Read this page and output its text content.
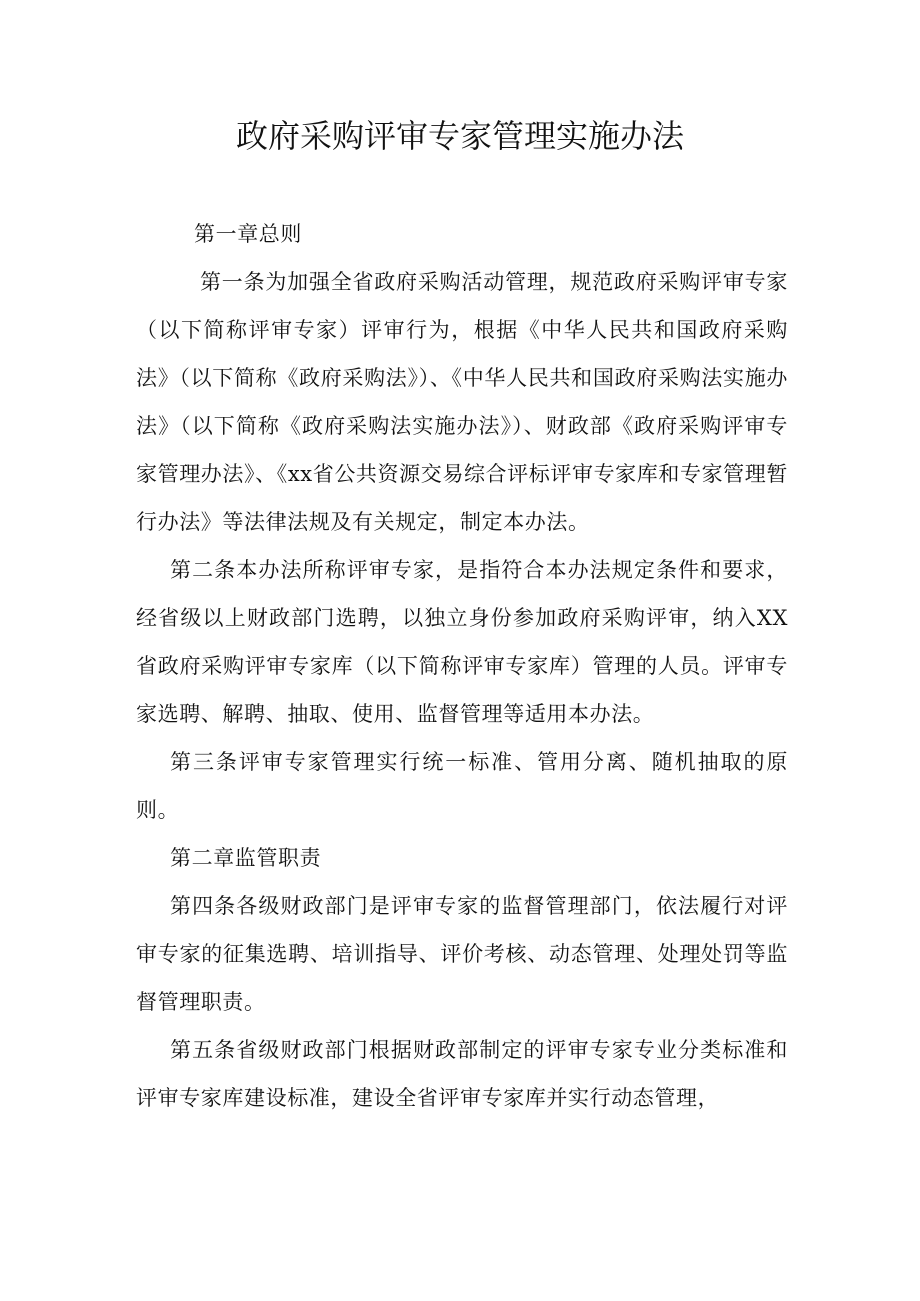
政府采购评审专家管理实施办法

第一章总则

第一条为加强全省政府采购活动管理，规范政府采购评审专家（以下简称评审专家）评审行为，根据《中华人民共和国政府采购法》（以下简称《政府采购法》）、《中华人民共和国政府采购法实施办法》（以下简称《政府采购法实施办法》）、财政部《政府采购评审专家管理办法》、《xx省公共资源交易综合评标评审专家库和专家管理暂行办法》等法律法规及有关规定，制定本办法。

第二条本办法所称评审专家，是指符合本办法规定条件和要求，经省级以上财政部门选聘，以独立身份参加政府采购评审，纳入XX省政府采购评审专家库（以下简称评审专家库）管理的人员。评审专家选聘、解聘、抽取、使用、监督管理等适用本办法。

第三条评审专家管理实行统一标准、管用分离、随机抽取的原则。

第二章监管职责

第四条各级财政部门是评审专家的监督管理部门，依法履行对评审专家的征集选聘、培训指导、评价考核、动态管理、处理处罚等监督管理职责。

第五条省级财政部门根据财政部制定的评审专家专业分类标准和评审专家库建设标准，建设全省评审专家库并实行动态管理，
